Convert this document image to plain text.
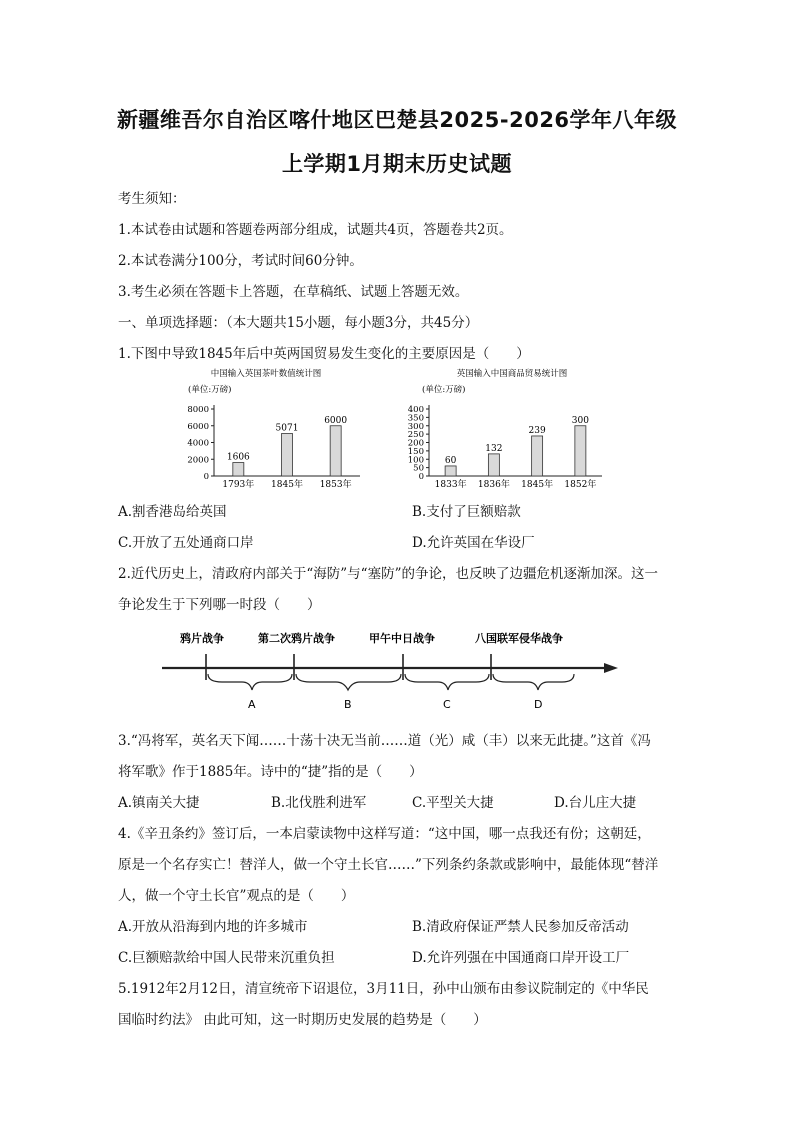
新疆维吾尔自治区喀什地区巴楚县2025-2026学年八年级
上学期1月期末历史试题
考生须知：
1.本试卷由试题和答题卷两部分组成，试题共4页，答题卷共2页。
2.本试卷满分100分，考试时间60分钟。
3.考生必须在答题卡上答题，在草稿纸、试题上答题无效。
一、单项选择题：（本大题共15小题，每小题3分，共45分）
1.下图中导致1845年后中英两国贸易发生变化的主要原因是（　　）
中国输入英国茶叶数值统计图
(单位:万磅)
8000
6000
4000
2000
0
1606
1793年
5071
1845年
6000
1853年
英国输入中国商品贸易统计图
(单位:万磅)
400
350
300
250
200
150
100
50
0
60
1833年
132
1836年
239
1845年
300
1852年
A.割香港岛给英国	B.支付了巨额赔款
C.开放了五处通商口岸	D.允许英国在华设厂
2.近代历史上，清政府内部关于“海防”与“塞防”的争论，也反映了边疆危机逐渐加深。这一
争论发生于下列哪一时段（　　）
鸦片战争	第二次鸦片战争	甲午中日战争	八国联军侵华战争
A	B	C	D
3.“冯将军，英名天下闻……十荡十决无当前……道（光）咸（丰）以来无此捷。”这首《冯
将军歌》作于1885年。诗中的“捷”指的是（　　）
A.镇南关大捷	B.北伐胜利进军	C.平型关大捷	D.台儿庄大捷
4.《辛丑条约》签订后，一本启蒙读物中这样写道：“这中国，哪一点我还有份；这朝廷，
原是一个名存实亡！替洋人，做一个守土长官……”下列条约条款或影响中，最能体现“替洋
人，做一个守土长官”观点的是（　　）
A.开放从沿海到内地的许多城市	B.清政府保证严禁人民参加反帝活动
C.巨额赔款给中国人民带来沉重负担	D.允许列强在中国通商口岸开设工厂
5.1912年2月12日，清宣统帝下诏退位，3月11日，孙中山颁布由参议院制定的《中华民
国临时约法》 由此可知，这一时期历史发展的趋势是（　　）
